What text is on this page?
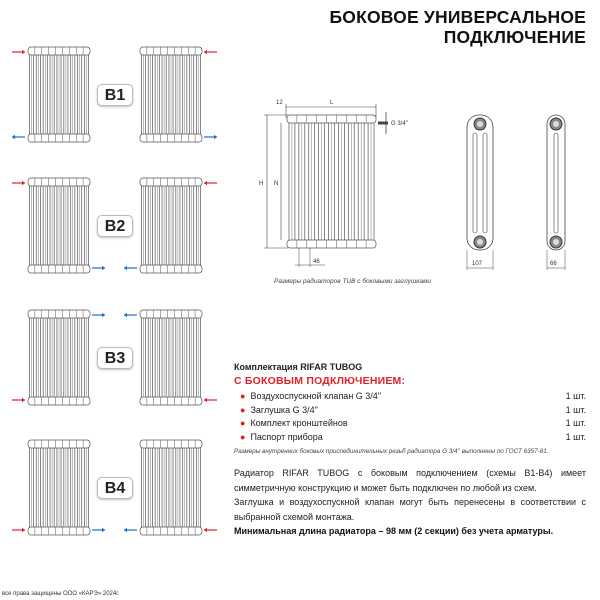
БОКОВОЕ УНИВЕРСАЛЬНОЕ
ПОДКЛЮЧЕНИЕ
B1
B2
B3
B4
12	L
G 3/4''
H N
46	107	66
Размеры радиаторов TUB с боковыми заглушками
Комплектация RIFAR TUBOG
С БОКОВЫМ ПОДКЛЮЧЕНИЕМ:
● Воздухоспускной клапан G 3/4''	1 шт.
● Заглушка G 3/4''	1 шт.
● Комплект кронштейнов	1 шт.
● Паспорт прибора	1 шт.
Размеры внутренних боковых присоединительных резьб радиатора G 3/4'' выполнены по ГОСТ 6357-81.
Радиатор RIFAR TUBOG с боковым подключением (схемы В1-В4) имеет симметричную конструкцию и может быть подключен по любой из схем.
Заглушка и воздухоспускной клапан могут быть перенесены в соответствии с выбранной схемой монтажа.
Минимальная длина радиатора – 98 мм (2 секции) без учета арматуры.
все права защищены ООО «КАРЭ» 2024г.
